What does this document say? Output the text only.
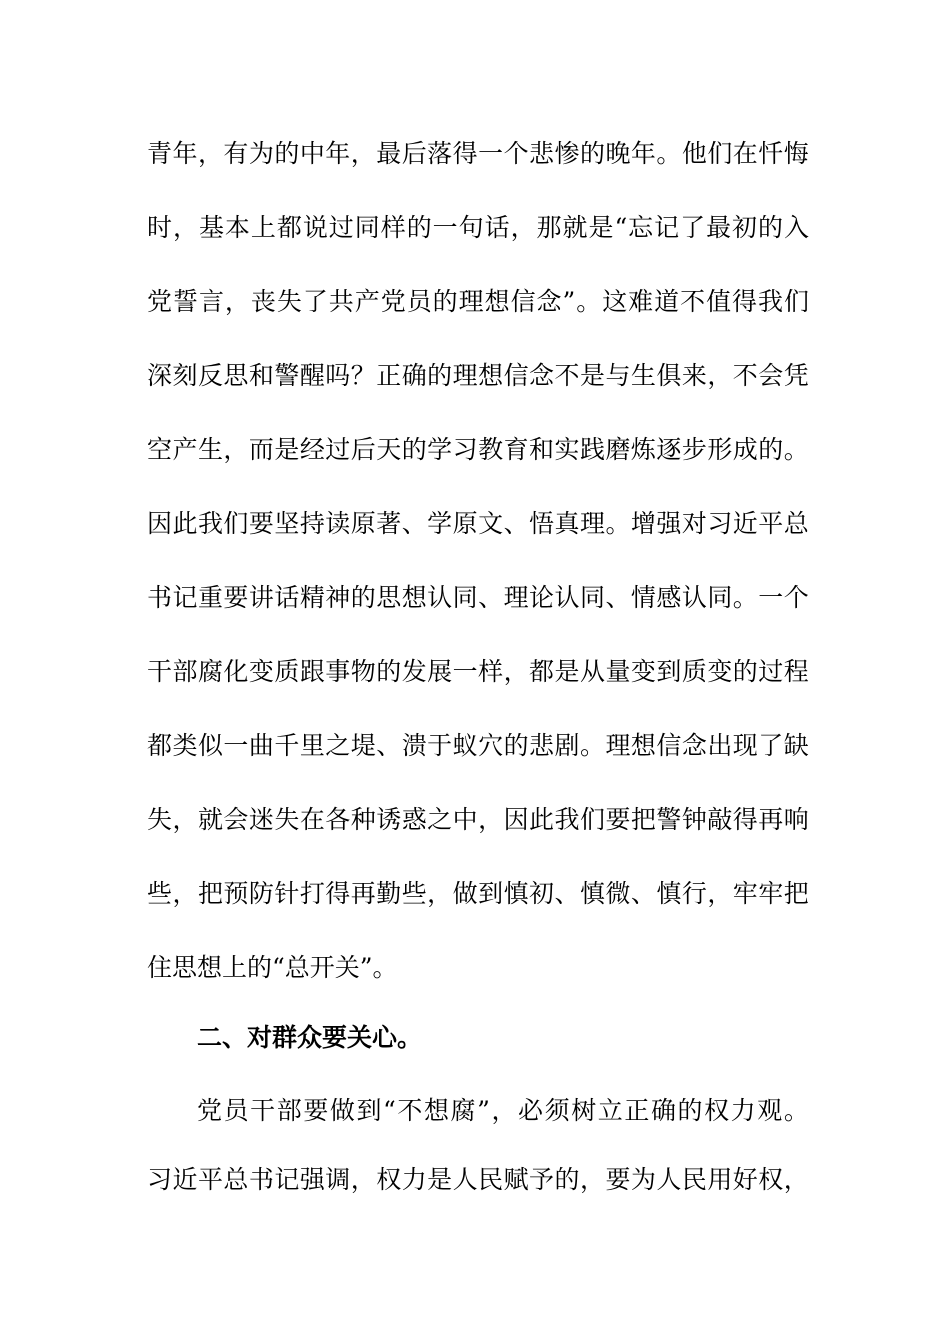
青 年 ， 有 为 的 中 年 ， 最 后 落 得 一 个 悲 惨 的 晚 年 。 他 们 在 忏 悔
时 ， 基 本 上 都 说 过 同 样 的 一 句 话 ， 那 就 是 “ 忘 记 了 最 初 的 入
党 誓 言 ， 丧 失 了 共 产 党 员 的 理 想 信 念 ” 。 这 难 道 不 值 得 我 们
深 刻 反 思 和 警 醒 吗 ？ 正 确 的 理 想 信 念 不 是 与 生 俱 来 ， 不 会 凭
空 产 生 ， 而 是 经 过 后 天 的 学 习 教 育 和 实 践 磨 炼 逐 步 形 成 的 。
因 此 我 们 要 坚 持 读 原 著 、 学 原 文 、 悟 真 理 。 增 强 对 习 近 平 总
书 记 重 要 讲 话 精 神 的 思 想 认 同 、 理 论 认 同 、 情 感 认 同 。 一 个
干 部 腐 化 变 质 跟 事 物 的 发 展 一 样 ， 都 是 从 量 变 到 质 变 的 过 程
都 类 似 一 曲 千 里 之 堤 、 溃 于 蚁 穴 的 悲 剧 。 理 想 信 念 出 现 了 缺
失 ， 就 会 迷 失 在 各 种 诱 惑 之 中 ， 因 此 我 们 要 把 警 钟 敲 得 再 响
些 ， 把 预 防 针 打 得 再 勤 些 ， 做 到 慎 初 、 慎 微 、 慎 行 ， 牢 牢 把
住思想上的“总开关”。
二、对群众要关心。
党 员 干 部 要 做 到 “ 不 想 腐 ” ， 必 须 树 立 正 确 的 权 力 观 。
习 近 平 总 书 记 强 调 ， 权 力 是 人 民 赋 予 的 ， 要 为 人 民 用 好 权 ，
